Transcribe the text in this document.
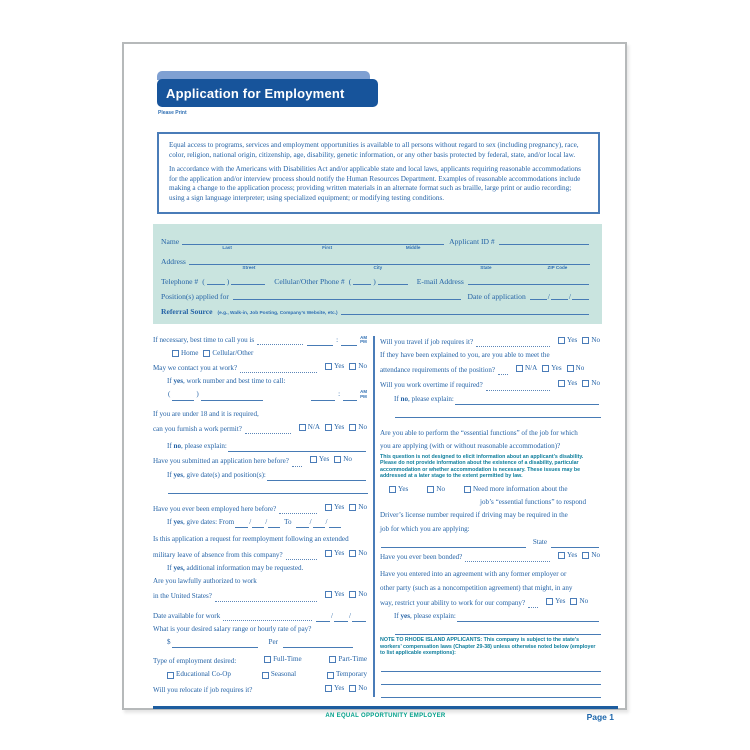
Application for Employment
Please Print

Equal access to programs, services and employment opportunities is available to all persons without regard to sex (including pregnancy), race, color, religion, national origin, citizenship, age, disability, genetic information, or any other basis protected by federal, state, and/or local law.

In accordance with the Americans with Disabilities Act and/or applicable state and local laws, applicants requiring reasonable accommodations for the application and/or interview process should notify the Human Resources Department. Examples of reasonable accommodations include making a change to the application process; providing written materials in an alternate format such as braille, large print or audio recording; using a sign language interpreter; using specialized equipment; or modifying testing conditions.

Name
Last	First	Middle
Applicant ID #
Address
Street	City	State	ZIP Code
Telephone # (	)	Cellular/Other Phone # (	)	E-mail Address
Position(s) applied for	Date of application	/	/
Referral Source	(e.g., Walk-in, Job Posting, Company’s Website, etc.)
If necessary, best time to call you is	:	AM
PM
Home Cellular/Other
May we contact you at work?	Yes No
If yes, work number and best time to call:
(	)	:	AM
PM
If you are under 18 and it is required,
can you furnish a work permit?	N/A Yes No
If no, please explain:
Have you submitted an application here before?	Yes No
If yes, give date(s) and position(s):
Have you ever been employed here before?	Yes No
If yes, give dates: From / /	To	/ /
Is this application a request for reemployment following an extended
military leave of absence from this company?	Yes No
If yes, additional information may be requested.
Are you lawfully authorized to work
in the United States?	Yes No
Date available for work	/ /
What is your desired salary range or hourly rate of pay?
$	Per
Type of employment desired:	Full-Time	Part-Time
Educational Co-Op	Seasonal	Temporary
Will you relocate if job requires it?	Yes No
Will you travel if job requires it?	Yes No
If they have been explained to you, are you able to meet the
attendance requirements of the position?	N/A Yes No
Will you work overtime if required?	Yes No
If no, please explain:
Are you able to perform the “essential functions” of the job for which
you are applying (with or without reasonable accommodation)?
This question is not designed to elicit information about an applicant’s disability. Please do not provide information about the existence of a disability, particular accommodation or whether accommodation is necessary. These issues may be addressed at a later stage to the extent permitted by law.
Yes	No	Need more information about the
job’s “essential functions” to respond
Driver’s license number required if driving may be required in the
job for which you are applying:
State
Have you ever been bonded?	Yes No
Have you entered into an agreement with any former employer or
other party (such as a noncompetition agreement) that might, in any
way, restrict your ability to work for our company?	Yes No
If yes, please explain:
NOTE TO RHODE ISLAND APPLICANTS: This company is subject to the state’s workers’ compensation laws (Chapter 29-38) unless otherwise noted below (employer to list applicable exemptions):
AN EQUAL OPPORTUNITY EMPLOYER	Page 1
